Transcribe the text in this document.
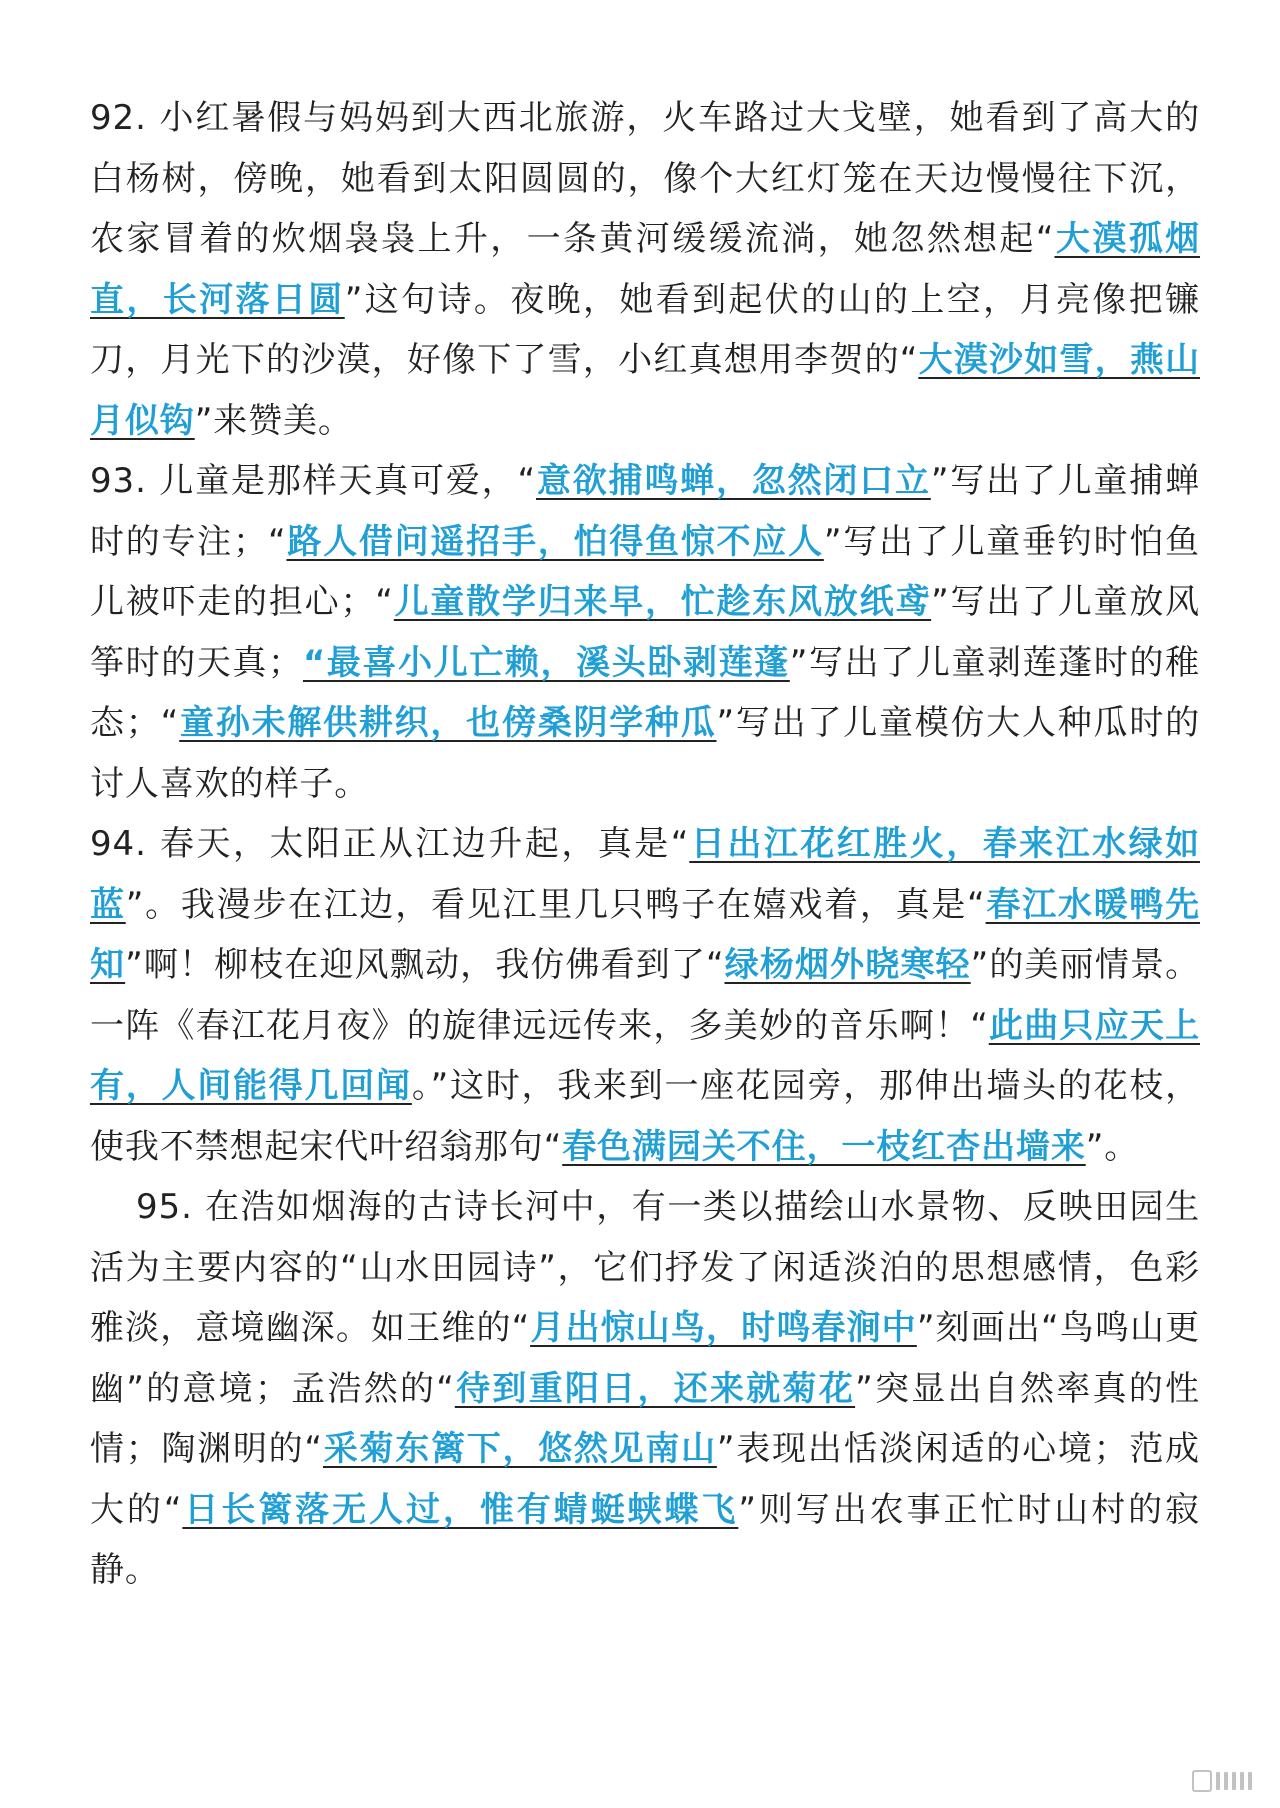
92. 小红暑假与妈妈到大西北旅游，火车路过大戈壁，她看到了高大的白杨树，傍晚，她看到太阳圆圆的，像个大红灯笼在天边慢慢往下沉，农家冒着的炊烟袅袅上升，一条黄河缓缓流淌，她忽然想起“大漠孤烟直，长河落日圆”这句诗。夜晚，她看到起伏的山的上空，月亮像把镰刀，月光下的沙漠，好像下了雪，小红真想用李贺的“大漠沙如雪，燕山月似钩”来赞美。

93. 儿童是那样天真可爱，“意欲捕鸣蝉，忽然闭口立”写出了儿童捕蝉时的专注；“路人借问遥招手，怕得鱼惊不应人”写出了儿童垂钓时怕鱼儿被吓走的担心；“儿童散学归来早，忙趁东风放纸鸢”写出了儿童放风筝时的天真；“最喜小儿亡赖，溪头卧剥莲蓬”写出了儿童剥莲蓬时的稚态；“童孙未解供耕织，也傍桑阴学种瓜”写出了儿童模仿大人种瓜时的讨人喜欢的样子。

94. 春天，太阳正从江边升起，真是“日出江花红胜火，春来江水绿如蓝”。我漫步在江边，看见江里几只鸭子在嬉戏着，真是“春江水暖鸭先知”啊！柳枝在迎风飘动，我仿佛看到了“绿杨烟外晓寒轻”的美丽情景。一阵《春江花月夜》的旋律远远传来，多美妙的音乐啊！“此曲只应天上有，人间能得几回闻。”这时，我来到一座花园旁，那伸出墙头的花枝，使我不禁想起宋代叶绍翁那句“春色满园关不住，一枝红杏出墙来”。

95. 在浩如烟海的古诗长河中，有一类以描绘山水景物、反映田园生活为主要内容的“山水田园诗”，它们抒发了闲适淡泊的思想感情，色彩雅淡，意境幽深。如王维的“月出惊山鸟，时鸣春涧中”刻画出“鸟鸣山更幽”的意境；孟浩然的“待到重阳日，还来就菊花”突显出自然率真的性情；陶渊明的“采菊东篱下，悠然见南山”表现出恬淡闲适的心境；范成大的“日长篱落无人过，惟有蜻蜓蛱蝶飞”则写出农事正忙时山村的寂静。
